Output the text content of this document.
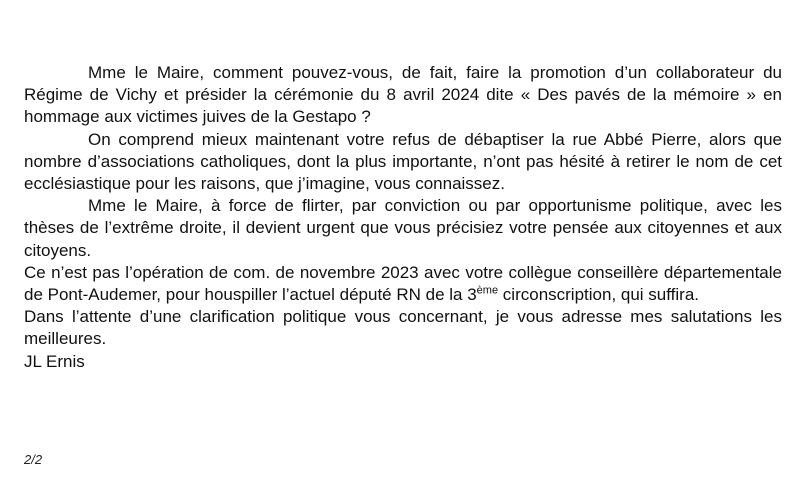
Mme le Maire, comment pouvez-vous, de fait, faire la promotion d’un collaborateur du Régime de Vichy et présider la cérémonie du 8 avril 2024 dite « Des pavés de la mémoire » en hommage aux victimes juives de la Gestapo ?

On comprend mieux maintenant votre refus de débaptiser la rue Abbé Pierre, alors que nombre d’associations catholiques, dont la plus importante, n’ont pas hésité à retirer le nom de cet ecclésiastique pour les raisons, que j’imagine, vous connaissez.

Mme le Maire, à force de flirter, par conviction ou par opportunisme politique, avec les thèses de l’extrême droite, il devient urgent que vous précisiez votre pensée aux citoyennes et aux citoyens.

Ce n’est pas l’opération de com. de novembre 2023 avec votre collègue conseillère départementale de Pont-Audemer, pour houspiller l’actuel député RN de la 3ème circonscription, qui suffira.

Dans l’attente d’une clarification politique vous concernant, je vous adresse mes salutations les meilleures.

JL Ernis

2/2
